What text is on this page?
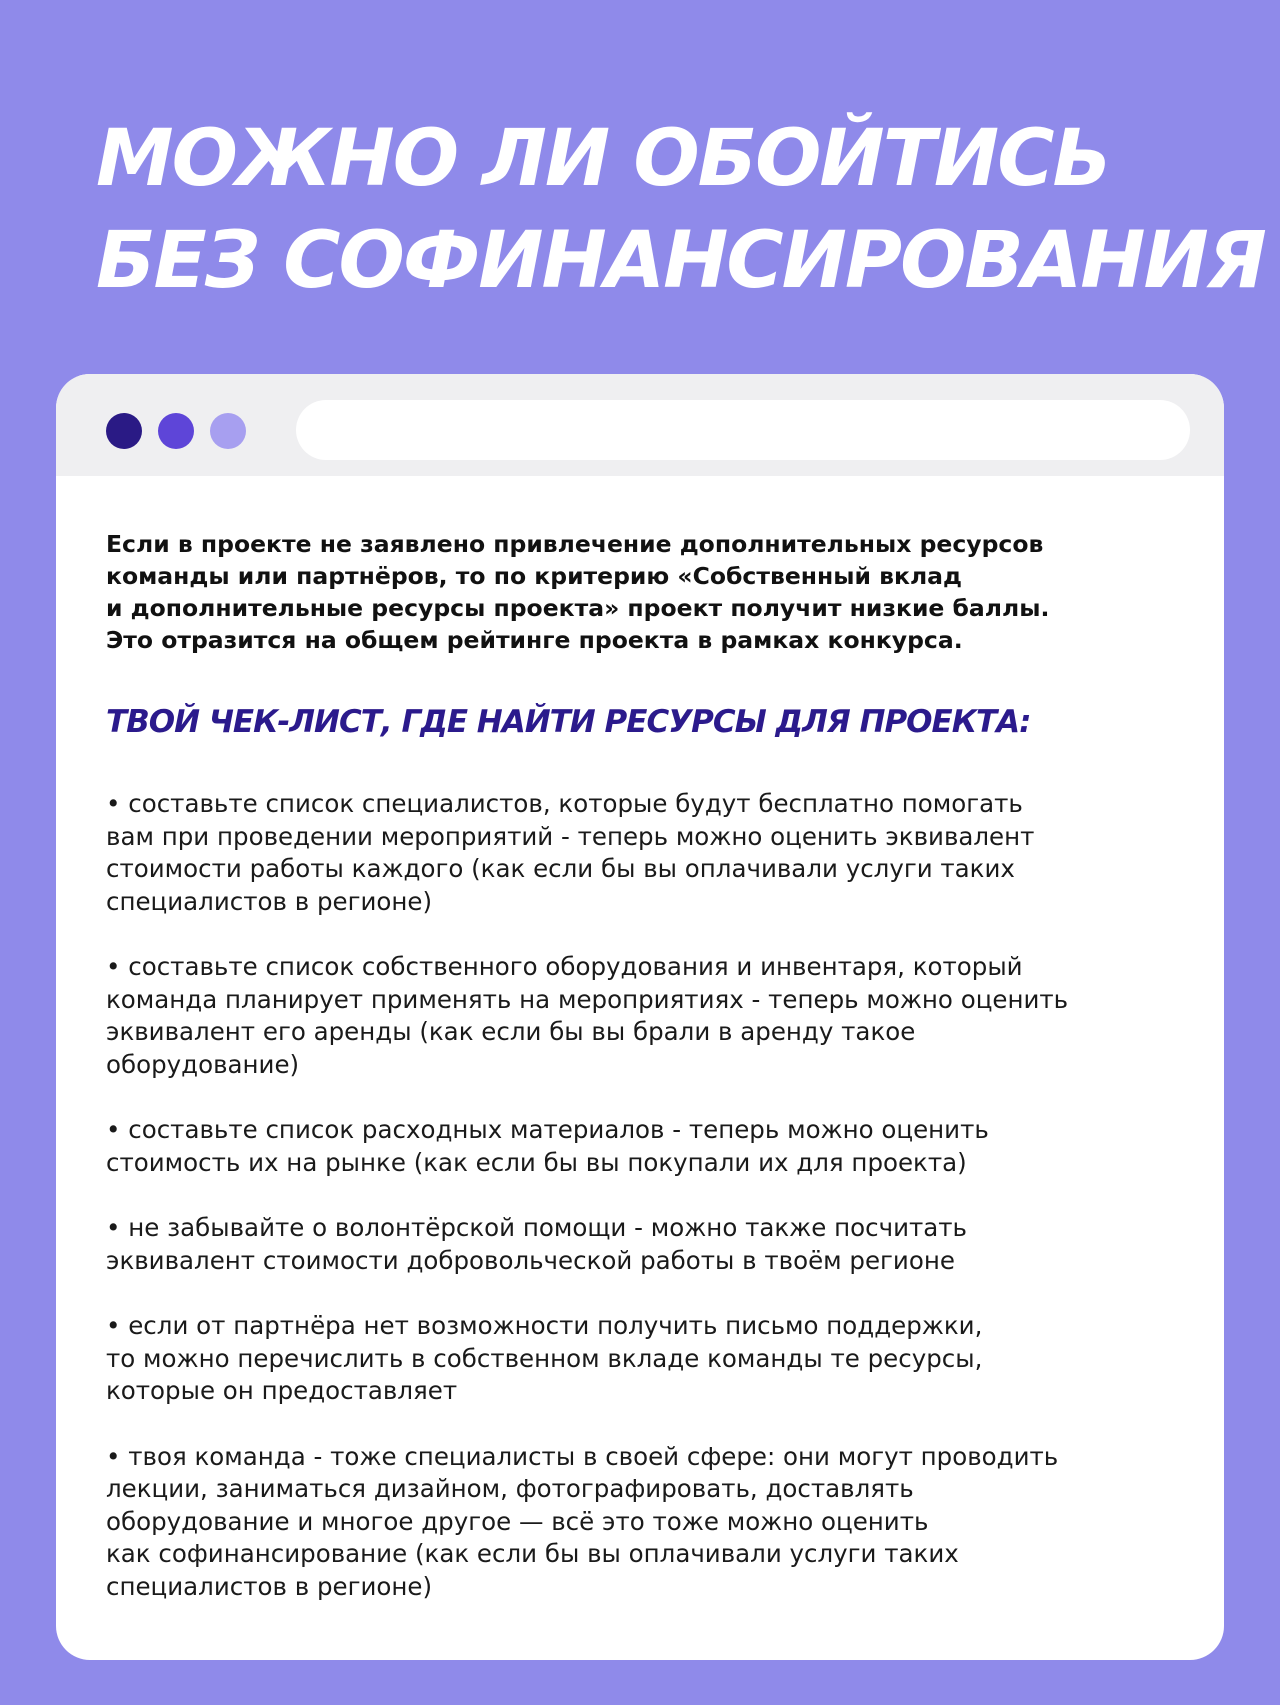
МОЖНО ЛИ ОБОЙТИСЬ
БЕЗ СОФИНАНСИРОВАНИЯ

Если в проекте не заявлено привлечение дополнительных ресурсов
команды или партнёров, то по критерию «Собственный вклад
и дополнительные ресурсы проекта» проект получит низкие баллы.
Это отразится на общем рейтинге проекта в рамках конкурса.

ТВОЙ ЧЕК-ЛИСТ, ГДЕ НАЙТИ РЕСУРСЫ ДЛЯ ПРОЕКТА:
• составьте список специалистов, которые будут бесплатно помогать
вам при проведении мероприятий - теперь можно оценить эквивалент
стоимости работы каждого (как если бы вы оплачивали услуги таких
специалистов в регионе)
• составьте список собственного оборудования и инвентаря, который
команда планирует применять на мероприятиях - теперь можно оценить
эквивалент его аренды (как если бы вы брали в аренду такое
оборудование)
• составьте список расходных материалов - теперь можно оценить
стоимость их на рынке (как если бы вы покупали их для проекта)
• не забывайте о волонтёрской помощи - можно также посчитать
эквивалент стоимости добровольческой работы в твоём регионе
• если от партнёра нет возможности получить письмо поддержки,
то можно перечислить в собственном вкладе команды те ресурсы,
которые он предоставляет
• твоя команда - тоже специалисты в своей сфере: они могут проводить
лекции, заниматься дизайном, фотографировать, доставлять
оборудование и многое другое — всё это тоже можно оценить
как софинансирование (как если бы вы оплачивали услуги таких
специалистов в регионе)
